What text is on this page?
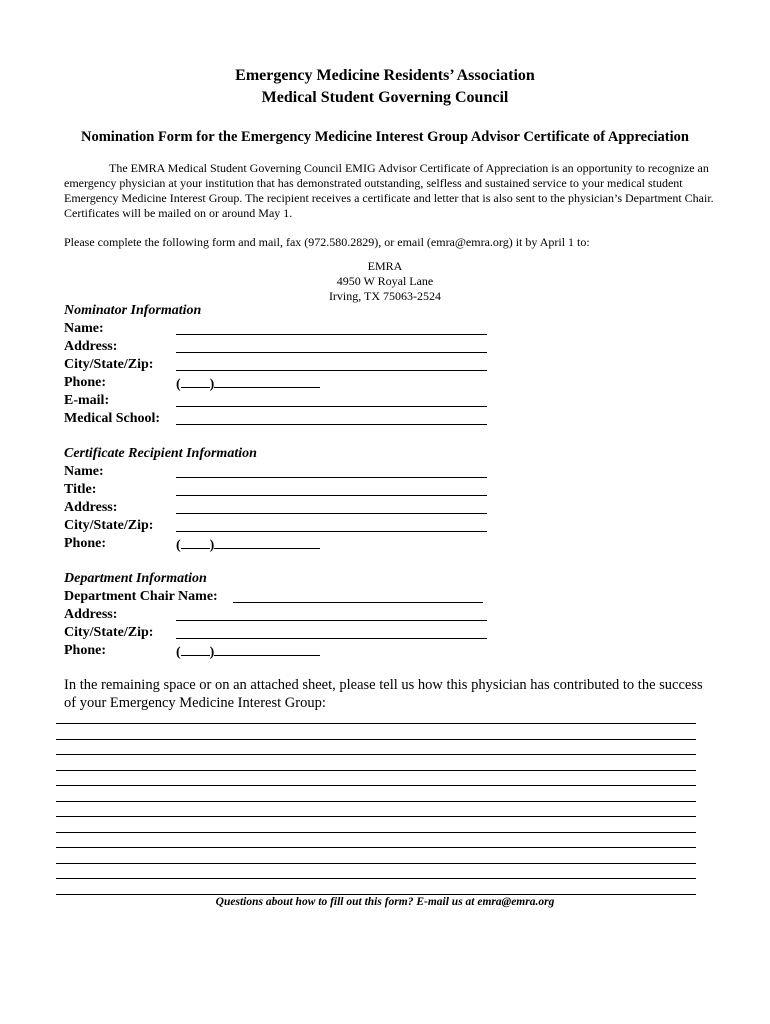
Emergency Medicine Residents’ Association
Medical Student Governing Council
Nomination Form for the Emergency Medicine Interest Group Advisor Certificate of Appreciation
The EMRA Medical Student Governing Council EMIG Advisor Certificate of Appreciation is an opportunity to recognize an emergency physician at your institution that has demonstrated outstanding, selfless and sustained service to your medical student Emergency Medicine Interest Group. The recipient receives a certificate and letter that is also sent to the physician’s Department Chair. Certificates will be mailed on or around May 1.
Please complete the following form and mail, fax (972.580.2829), or email (emra@emra.org) it by April 1 to:
EMRA
4950 W Royal Lane
Irving, TX 75063-2524
Nominator Information
Name:
Address:
City/State/Zip:
Phone:	( )
E-mail:
Medical School:
Certificate Recipient Information
Name:
Title:
Address:
City/State/Zip:
Phone:	( )
Department Information
Department Chair Name:
Address:
City/State/Zip:
Phone:	( )
In the remaining space or on an attached sheet, please tell us how this physician has contributed to the success of your Emergency Medicine Interest Group:
Questions about how to fill out this form? E-mail us at emra@emra.org
